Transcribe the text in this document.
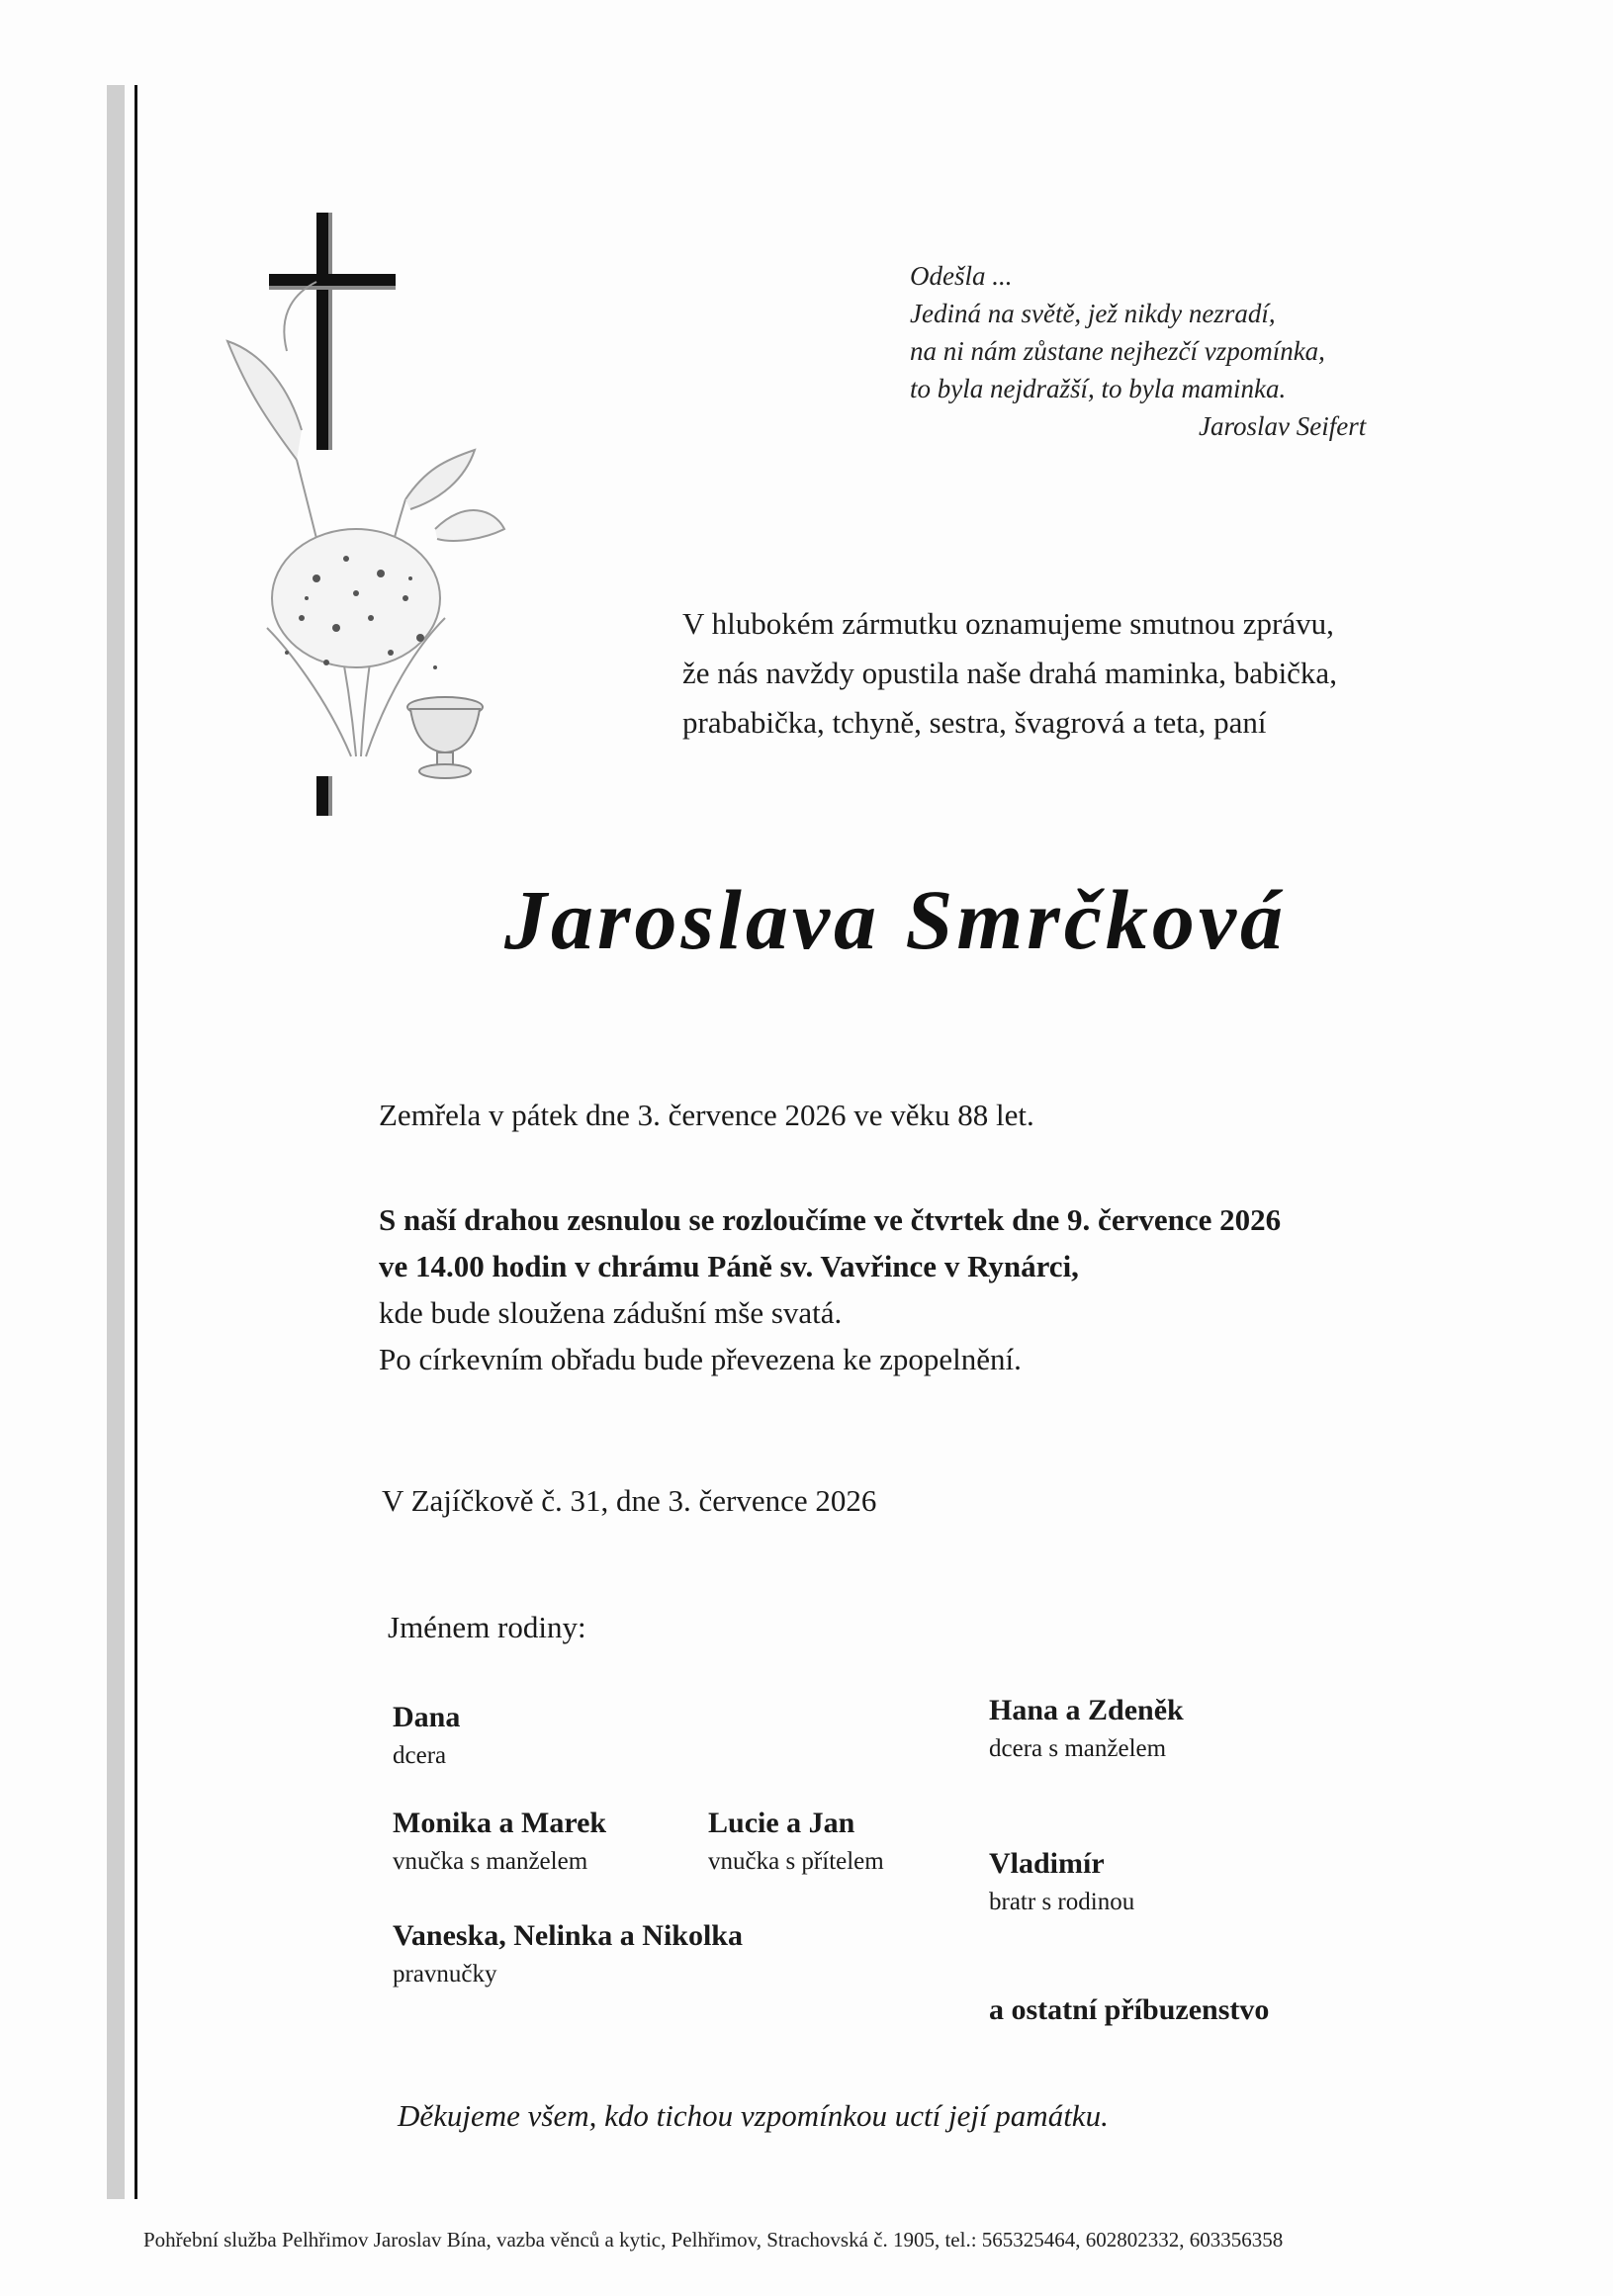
Odešla ...
Jediná na světě, jež nikdy nezradí,
na ni nám zůstane nejhezčí vzpomínka,
to byla nejdražší, to byla maminka.
Jaroslav Seifert
V hlubokém zármutku oznamujeme smutnou zprávu,
že nás navždy opustila naše drahá maminka, babička,
prababička, tchyně, sestra, švagrová a teta, paní
Jaroslava Smrčková
Zemřela v pátek dne 3. července 2026 ve věku 88 let.
S naší drahou zesnulou se rozloučíme ve čtvrtek dne 9. července 2026
ve 14.00 hodin v chrámu Páně sv. Vavřince v Rynárci,
kde bude sloužena zádušní mše svatá.
Po církevním obřadu bude převezena ke zpopelnění.
V Zajíčkově č. 31, dne 3. července 2026
Jménem rodiny:
Dana
dcera
Hana a Zdeněk
dcera s manželem
Monika a Marek
vnučka s manželem
Lucie a Jan
vnučka s přítelem	Vladimír
bratr s rodinou
Vaneska, Nelinka a Nikolka
pravnučky
a ostatní příbuzenstvo
Děkujeme všem, kdo tichou vzpomínkou uctí její památku.
Pohřební služba Pelhřimov Jaroslav Bína, vazba věnců a kytic, Pelhřimov, Strachovská č. 1905, tel.: 565325464, 602802332, 603356358
